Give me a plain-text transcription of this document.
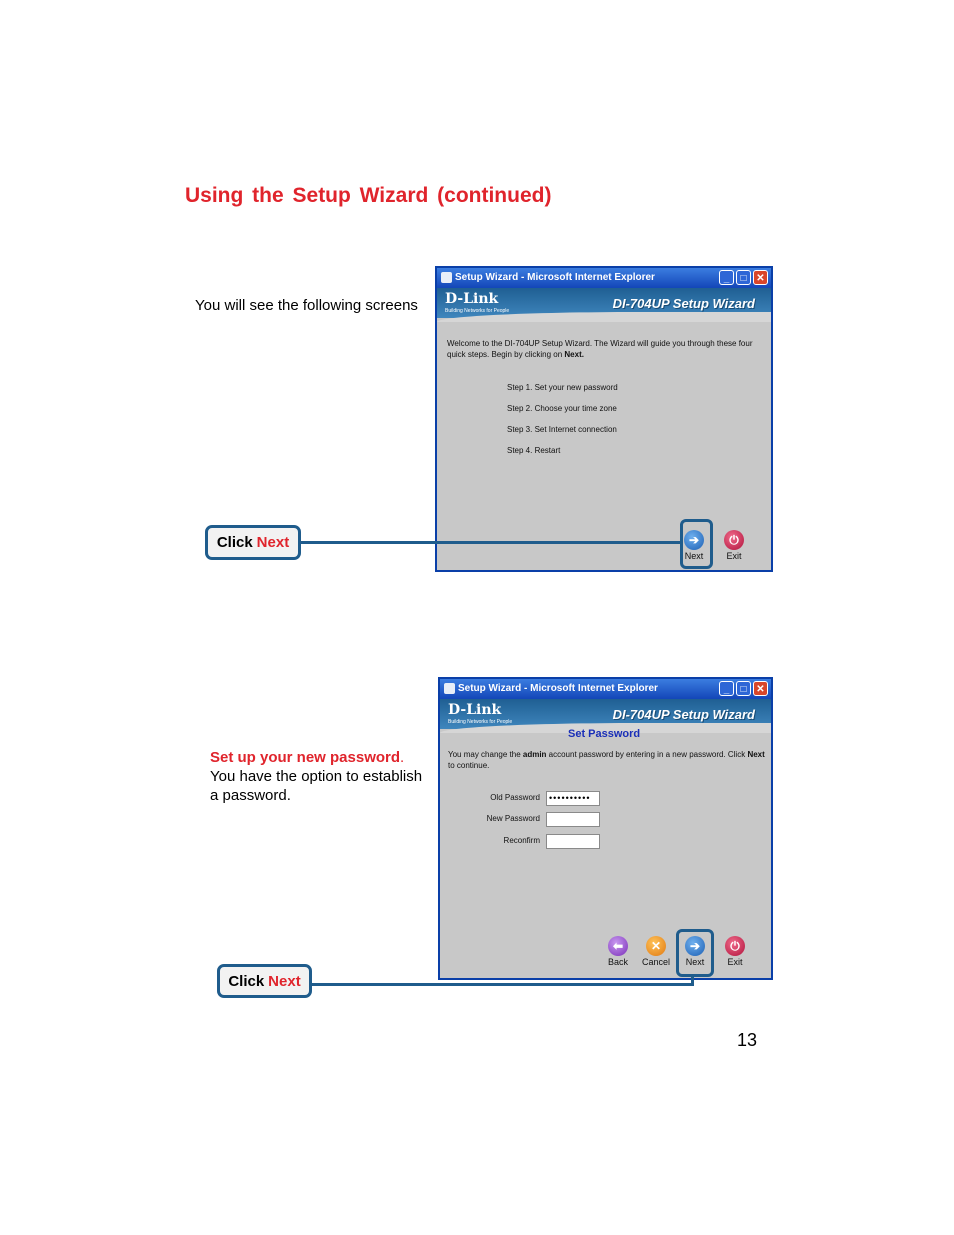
Using the Setup Wizard (continued)
You will see the following screens
Setup Wizard - Microsoft Internet Explorer	_	□ ✕
D-Link
Building Networks for People	DI-704UP Setup Wizard
Welcome to the DI-704UP Setup Wizard. The Wizard will guide you through these four quick steps. Begin by clicking on Next.
Step 1. Set your new password
Step 2. Choose your time zone
Step 3. Set Internet connection
Step 4. Restart
➔
Next
⏻
Exit
Click Next
Set up your new password.
You have the option to establish a password.
Setup Wizard - Microsoft Internet Explorer	_	□ ✕
D-Link
Building Networks for People	DI-704UP Setup Wizard
Set Password
You may change the admin account password by entering in a new password. Click Next to continue.
Old Password	••••••••••
New Password
Reconfirm
⬅
Back
✕
Cancel
➔
Next
⏻
Exit
Click Next
13
